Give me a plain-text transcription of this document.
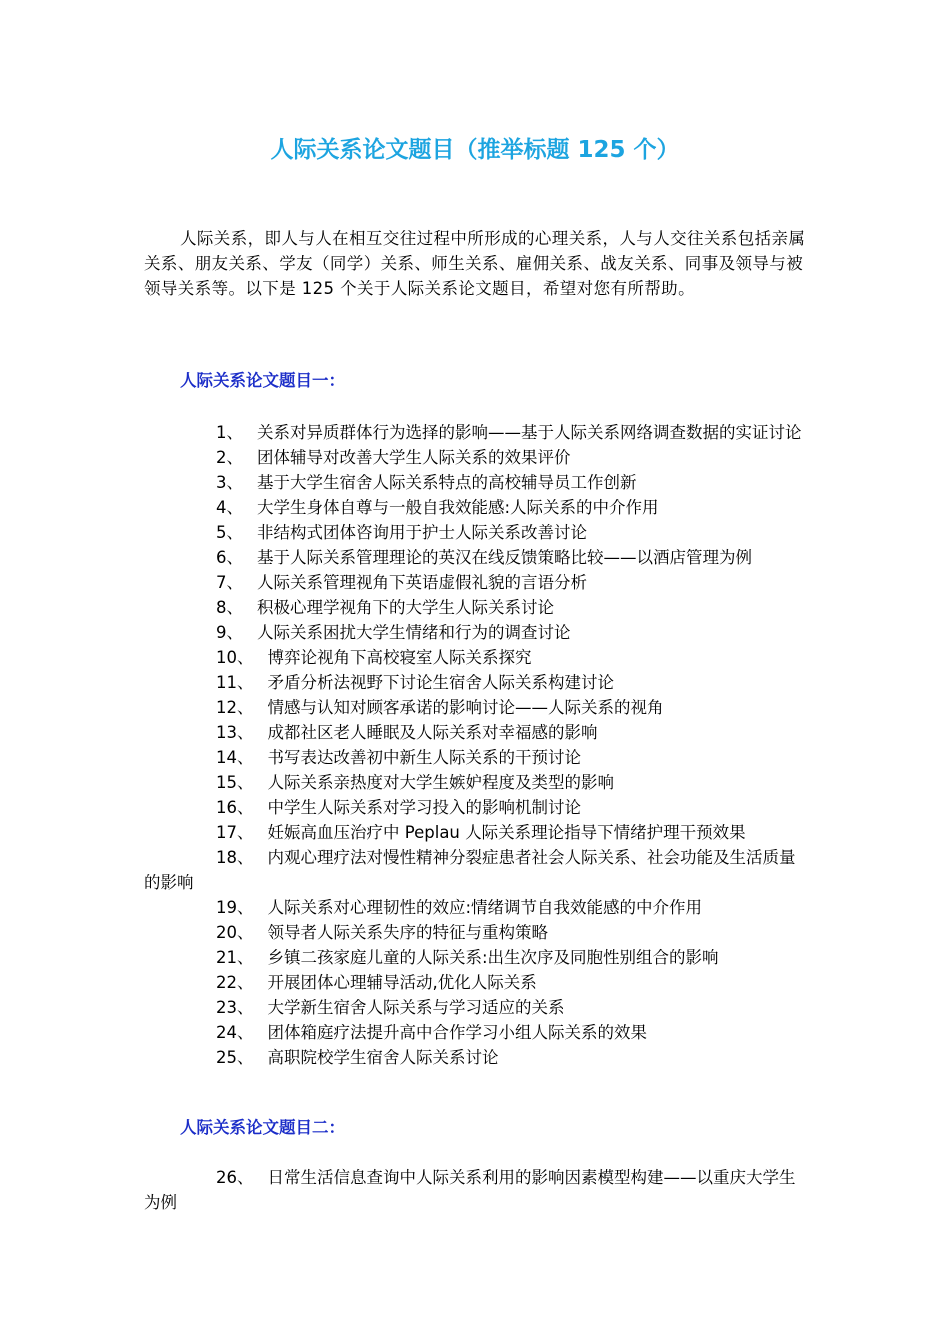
人际关系论文题目（推举标题 125 个）

人际关系，即人与人在相互交往过程中所形成的心理关系，人与人交往关系包括亲属关系、朋友关系、学友（同学）关系、师生关系、雇佣关系、战友关系、同事及领导与被领导关系等。以下是 125 个关于人际关系论文题目，希望对您有所帮助。

人际关系论文题目一：
1、 关系对异质群体行为选择的影响——基于人际关系网络调查数据的实证讨论
2、 团体辅导对改善大学生人际关系的效果评价
3、 基于大学生宿舍人际关系特点的高校辅导员工作创新
4、 大学生身体自尊与一般自我效能感:人际关系的中介作用
5、 非结构式团体咨询用于护士人际关系改善讨论
6、 基于人际关系管理理论的英汉在线反馈策略比较——以酒店管理为例
7、 人际关系管理视角下英语虚假礼貌的言语分析
8、 积极心理学视角下的大学生人际关系讨论
9、 人际关系困扰大学生情绪和行为的调查讨论
10、 博弈论视角下高校寝室人际关系探究
11、 矛盾分析法视野下讨论生宿舍人际关系构建讨论
12、 情感与认知对顾客承诺的影响讨论——人际关系的视角
13、 成都社区老人睡眠及人际关系对幸福感的影响
14、 书写表达改善初中新生人际关系的干预讨论
15、 人际关系亲热度对大学生嫉妒程度及类型的影响
16、 中学生人际关系对学习投入的影响机制讨论
17、 妊娠高血压治疗中 Peplau 人际关系理论指导下情绪护理干预效果
18、 内观心理疗法对慢性精神分裂症患者社会人际关系、社会功能及生活质量的影响
19、 人际关系对心理韧性的效应:情绪调节自我效能感的中介作用
20、 领导者人际关系失序的特征与重构策略
21、 乡镇二孩家庭儿童的人际关系:出生次序及同胞性别组合的影响
22、 开展团体心理辅导活动,优化人际关系
23、 大学新生宿舍人际关系与学习适应的关系
24、 团体箱庭疗法提升高中合作学习小组人际关系的效果
25、 高职院校学生宿舍人际关系讨论
人际关系论文题目二：
26、 日常生活信息查询中人际关系利用的影响因素模型构建——以重庆大学生为例
